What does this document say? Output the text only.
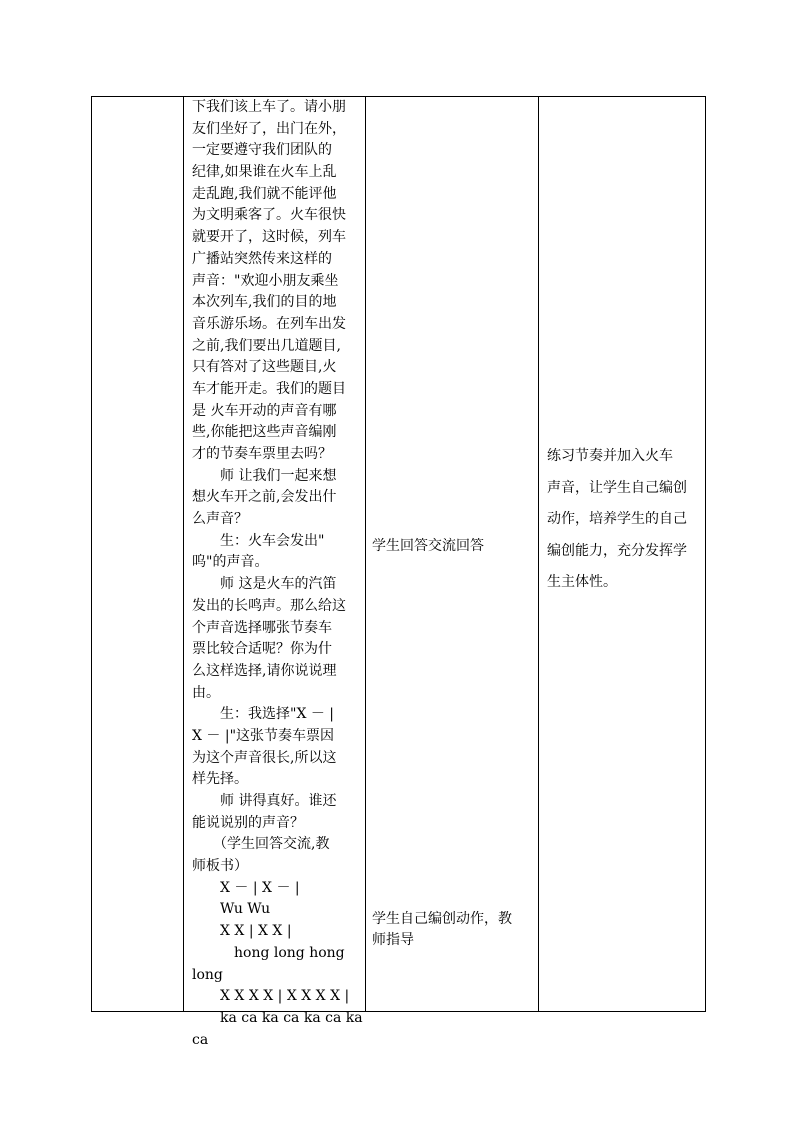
下我们该上车了。请小朋
友们坐好了，出门在外，
一定要遵守我们团队的
纪律,如果谁在火车上乱
走乱跑,我们就不能评他
为文明乘客了。火车很快
就要开了，这时候，列车
广播站突然传来这样的
声音："欢迎小朋友乘坐
本次列车,我们的目的地
音乐游乐场。在列车出发
之前,我们要出几道题目,
只有答对了这些题目,火
车才能开走。我们的题目
是 火车开动的声音有哪
些,你能把这些声音编刚
才的节奏车票里去吗？
　　师 让我们一起来想
想火车开之前,会发出什
么声音？
　　生：火车会发出"
呜"的声音。
　　师 这是火车的汽笛
发出的长鸣声。那么给这
个声音选择哪张节奏车
票比较合适呢？你为什
么这样选择,请你说说理
由。
　　生：我选择"X － |
X － |"这张节奏车票因
为这个声音很长,所以这
样先择。
　　师 讲得真好。谁还
能说说别的声音？
　　（学生回答交流,教
师板书）
　　X － | X － |
　　Wu Wu
　　X X | X X |
　　　hong long hong
long
　　X X X X | X X X X |
　　ka ca ka ca ka ca ka
ca
学生回答交流回答
学生自己编创动作，教
师指导
练习节奏并加入火车
声音，让学生自己编创
动作，培养学生的自己
编创能力，充分发挥学
生主体性。
